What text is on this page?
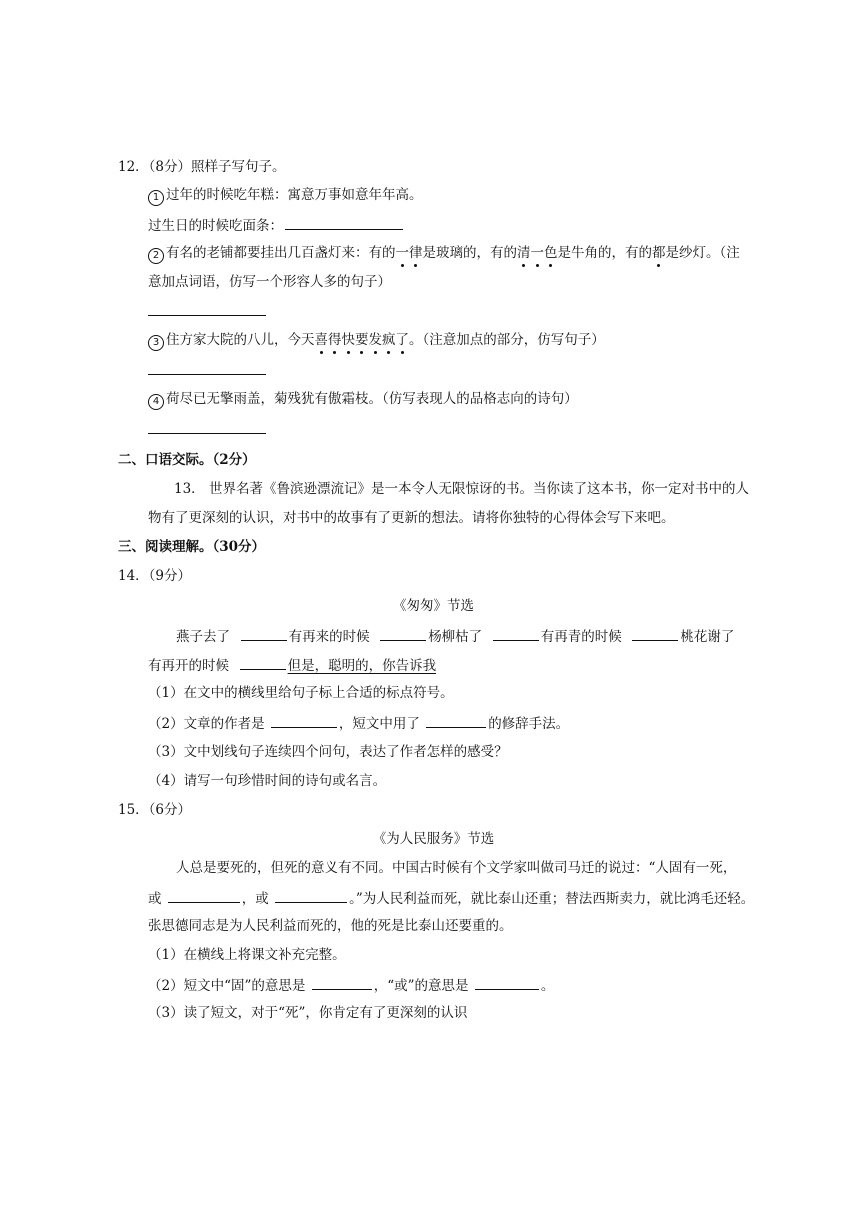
12．（8分）照样子写句子。
1 过年的时候吃年糕：寓意万事如意年年高。
过生日的时候吃面条：
2 有名的老铺都要挂出几百盏灯来：有的一律是玻璃的，有的清一色是牛角的，有的都是纱灯。（注
意加点词语，仿写一个形容人多的句子）
3 住方家大院的八儿，今天喜得快要发疯了。（注意加点的部分，仿写句子）
4 荷尽已无擎雨盖，菊残犹有傲霜枝。（仿写表现人的品格志向的诗句）
二、口语交际。（2分）
13． 世界名著《鲁滨逊漂流记》是一本令人无限惊讶的书。当你读了这本书，你一定对书中的人
物有了更深刻的认识，对书中的故事有了更新的想法。请将你独特的心得体会写下来吧。
三、阅读理解。（30分）
14．（9分）
《匆匆》节选
燕子去了	有再来的时候	杨柳枯了	有再青的时候	桃花谢了
有再开的时候	但是，聪明的，你告诉我
（1）在文中的横线里给句子标上合适的标点符号。
（2）文章的作者是	，短文中用了	的修辞手法。
（3）文中划线句子连续四个问句，表达了作者怎样的感受？
（4）请写一句珍惜时间的诗句或名言。
15．（6分）
《为人民服务》节选
人总是要死的，但死的意义有不同。中国古时候有个文学家叫做司马迁的说过：“人固有一死，
或	，或	。”为人民利益而死，就比泰山还重；替法西斯卖力，就比鸿毛还轻。
张思德同志是为人民利益而死的，他的死是比泰山还要重的。
（1）在横线上将课文补充完整。
（2）短文中“固”的意思是	，“或”的意思是	。
（3）读了短文，对于“死”，你肯定有了更深刻的认识
